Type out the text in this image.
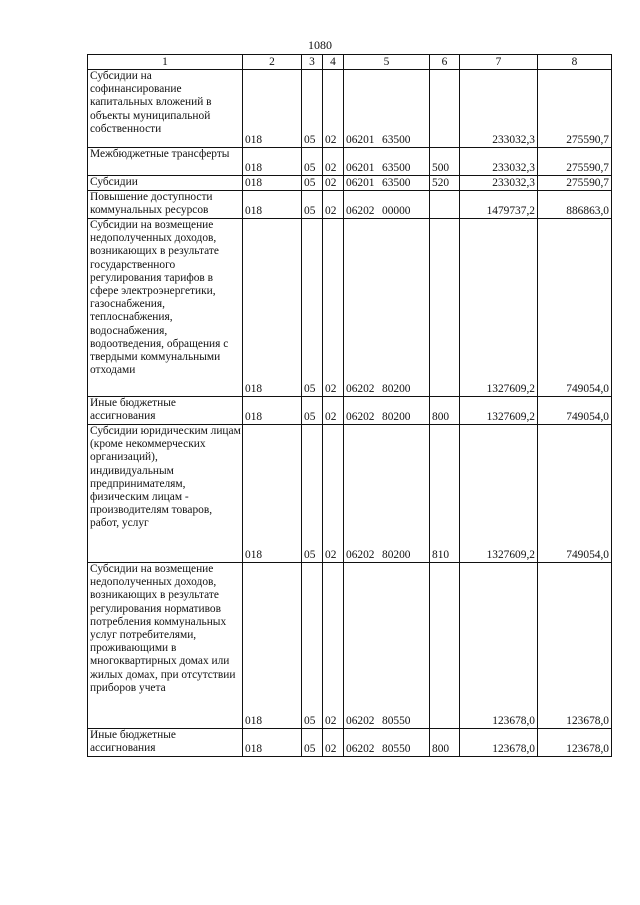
1080
1	2	3	4	5	6	7	8
Субсидии на софинансирование капитальных вложений в объекты муниципальной собственности	018	05	02	06201 63500		233032,3	275590,7
Межбюджетные трансферты	018	05	02	06201 63500	500	233032,3	275590,7
Субсидии	018	05	02	06201 63500	520	233032,3	275590,7
Повышение доступности коммунальных ресурсов	018	05	02	06202 00000		1479737,2	886863,0
Субсидии на возмещение недополученных доходов, возникающих в результате государственного регулирования тарифов в сфере электроэнергетики, газоснабжения, теплоснабжения, водоснабжения, водоотведения, обращения с твердыми коммунальными отходами	018	05	02	06202 80200		1327609,2	749054,0
Иные бюджетные ассигнования	018	05	02	06202 80200	800	1327609,2	749054,0
Субсидии юридическим лицам (кроме некоммерческих организаций), индивидуальным предпринимателям, физическим лицам - производителям товаров, работ, услуг	018	05	02	06202 80200	810	1327609,2	749054,0
Субсидии на возмещение недополученных доходов, возникающих в результате регулирования нормативов потребления коммунальных услуг потребителями, проживающими в многоквартирных домах или жилых домах, при отсутствии приборов учета	018	05	02	06202 80550		123678,0	123678,0
Иные бюджетные ассигнования	018	05	02	06202 80550	800	123678,0	123678,0
